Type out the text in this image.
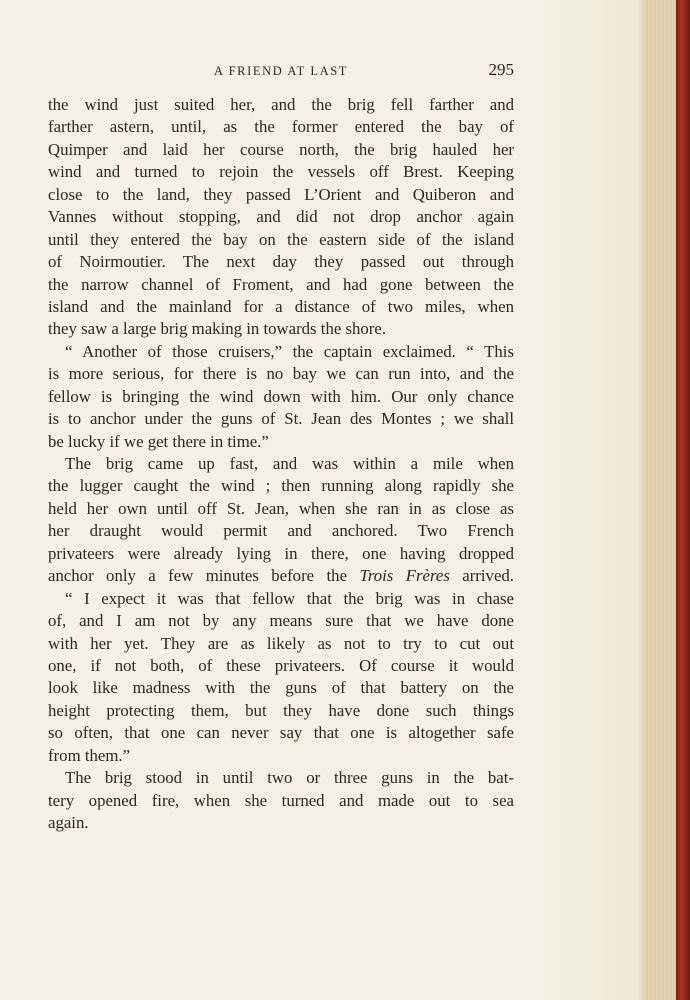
A FRIEND AT LAST	295
the wind just suited her, and the brig fell farther and
farther astern, until, as the former entered the bay of
Quimper and laid her course north, the brig hauled her
wind and turned to rejoin the vessels off Brest. Keeping
close to the land, they passed L’Orient and Quiberon and
Vannes without stopping, and did not drop anchor again
until they entered the bay on the eastern side of the island
of Noirmoutier. The next day they passed out through
the narrow channel of Froment, and had gone between the
island and the mainland for a distance of two miles, when
they saw a large brig making in towards the shore.
“ Another of those cruisers,” the captain exclaimed. “ This
is more serious, for there is no bay we can run into, and the
fellow is bringing the wind down with him. Our only chance
is to anchor under the guns of St. Jean des Montes ; we shall
be lucky if we get there in time.”
The brig came up fast, and was within a mile when
the lugger caught the wind ; then running along rapidly she
held her own until off St. Jean, when she ran in as close as
her draught would permit and anchored. Two French
privateers were already lying in there, one having dropped
anchor only a few minutes before the Trois Frères arrived.
“ I expect it was that fellow that the brig was in chase
of, and I am not by any means sure that we have done
with her yet. They are as likely as not to try to cut out
one, if not both, of these privateers. Of course it would
look like madness with the guns of that battery on the
height protecting them, but they have done such things
so often, that one can never say that one is altogether safe
from them.”
The brig stood in until two or three guns in the bat-
tery opened fire, when she turned and made out to sea
again.
